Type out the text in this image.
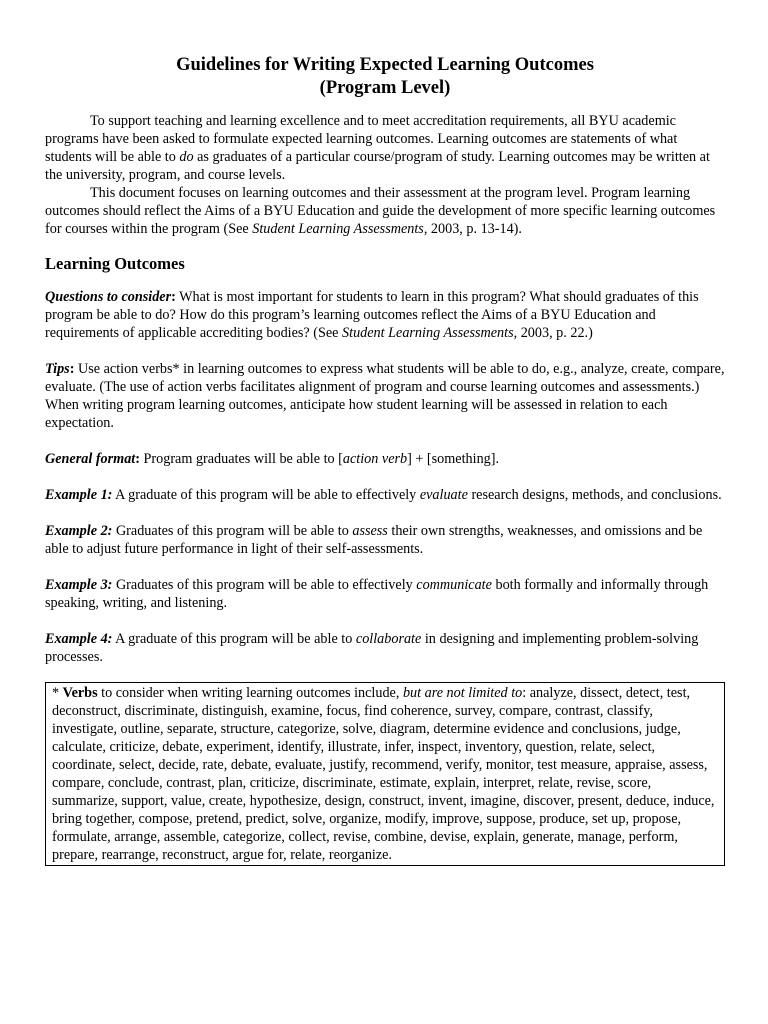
Guidelines for Writing Expected Learning Outcomes

(Program Level)

To support teaching and learning excellence and to meet accreditation requirements, all BYU academic programs have been asked to formulate expected learning outcomes. Learning outcomes are statements of what students will be able to do as graduates of a particular course/program of study. Learning outcomes may be written at the university, program, and course levels.

This document focuses on learning outcomes and their assessment at the program level. Program learning outcomes should reflect the Aims of a BYU Education and guide the development of more specific learning outcomes for courses within the program (See Student Learning Assessments, 2003, p. 13-14).

Learning Outcomes

Questions to consider: What is most important for students to learn in this program? What should graduates of this program be able to do? How do this program’s learning outcomes reflect the Aims of a BYU Education and requirements of applicable accrediting bodies? (See Student Learning Assessments, 2003, p. 22.)

Tips: Use action verbs* in learning outcomes to express what students will be able to do, e.g., analyze, create, compare, evaluate. (The use of action verbs facilitates alignment of program and course learning outcomes and assessments.) When writing program learning outcomes, anticipate how student learning will be assessed in relation to each expectation.

General format: Program graduates will be able to [action verb] + [something].

Example 1: A graduate of this program will be able to effectively evaluate research designs, methods, and conclusions.

Example 2: Graduates of this program will be able to assess their own strengths, weaknesses, and omissions and be able to adjust future performance in light of their self-assessments.

Example 3: Graduates of this program will be able to effectively communicate both formally and informally through speaking, writing, and listening.

Example 4: A graduate of this program will be able to collaborate in designing and implementing problem-solving processes.

* Verbs to consider when writing learning outcomes include, but are not limited to: analyze, dissect, detect, test, deconstruct, discriminate, distinguish, examine, focus, find coherence, survey, compare, contrast, classify, investigate, outline, separate, structure, categorize, solve, diagram, determine evidence and conclusions, judge, calculate, criticize, debate, experiment, identify, illustrate, infer, inspect, inventory, question, relate, select, coordinate, select, decide, rate, debate, evaluate, justify, recommend, verify, monitor, test measure, appraise, assess, compare, conclude, contrast, plan, criticize, discriminate, estimate, explain, interpret, relate, revise, score, summarize, support, value, create, hypothesize, design, construct, invent, imagine, discover, present, deduce, induce, bring together, compose, pretend, predict, solve, organize, modify, improve, suppose, produce, set up, propose, formulate, arrange, assemble, categorize, collect, revise, combine, devise, explain, generate, manage, perform, prepare, rearrange, reconstruct, argue for, relate, reorganize.
